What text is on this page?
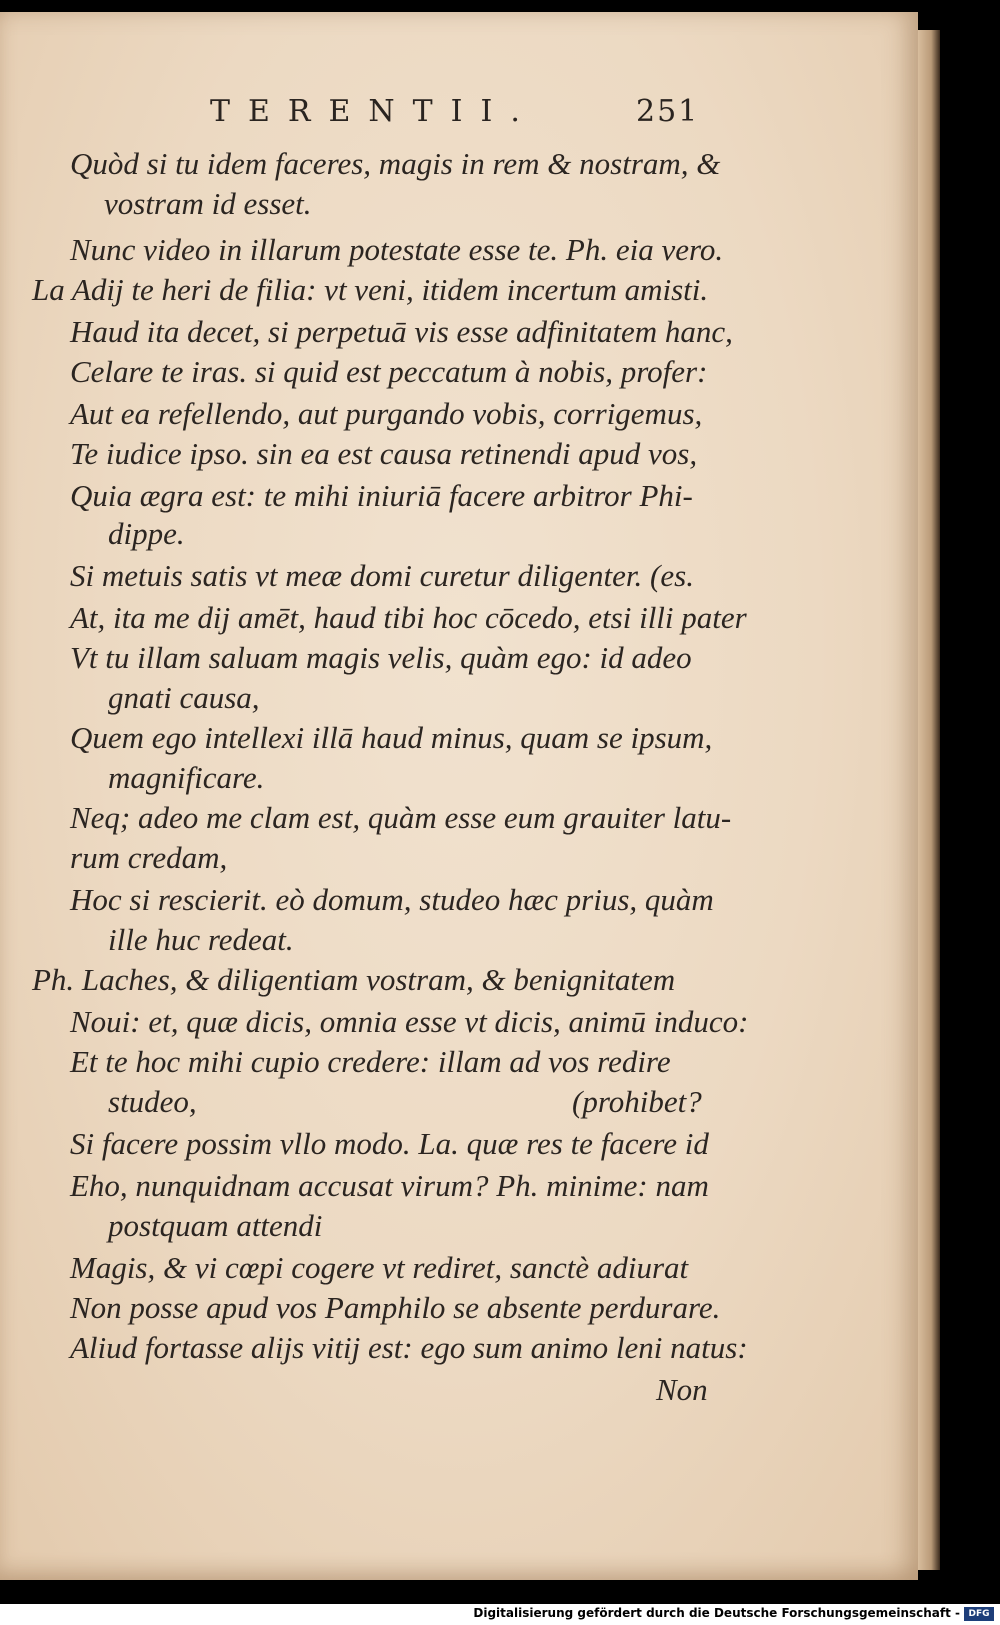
TERENTII.	251
Quòd si tu idem faceres, magis in rem & nostram, &
vostram id esset.
Nunc video in illarum potestate esse te. Ph. eia vero.
La Adij te heri de filia: vt veni, itidem incertum amisti.
Haud ita decet, si perpetuā vis esse adfinitatem hanc,
Celare te iras. si quid est peccatum à nobis, profer:
Aut ea refellendo, aut purgando vobis, corrigemus,
Te iudice ipso. sin ea est causa retinendi apud vos,
Quia ægra est: te mihi iniuriā facere arbitror Phi-
dippe.
Si metuis satis vt meæ domi curetur diligenter. (es.
At, ita me dij amēt, haud tibi hoc cōcedo, etsi illi pater
Vt tu illam saluam magis velis, quàm ego: id adeo
gnati causa,
Quem ego intellexi illā haud minus, quam se ipsum,
magnificare.
Neq; adeo me clam est, quàm esse eum grauiter latu-
rum credam,
Hoc si rescierit. eò domum, studeo hæc prius, quàm
ille huc redeat.
Ph. Laches, & diligentiam vostram, & benignitatem
Noui: et, quæ dicis, omnia esse vt dicis, animū induco:
Et te hoc mihi cupio credere: illam ad vos redire
studeo,	(prohibet?
Si facere possim vllo modo. La. quæ res te facere id
Eho, nunquidnam accusat virum? Ph. minime: nam
postquam attendi
Magis, & vi cœpi cogere vt rediret, sanctè adiurat
Non posse apud vos Pamphilo se absente perdurare.
Aliud fortasse alijs vitij est: ego sum animo leni natus:
Non
Digitalisierung gefördert durch die Deutsche Forschungsgemeinschaft - DFG
